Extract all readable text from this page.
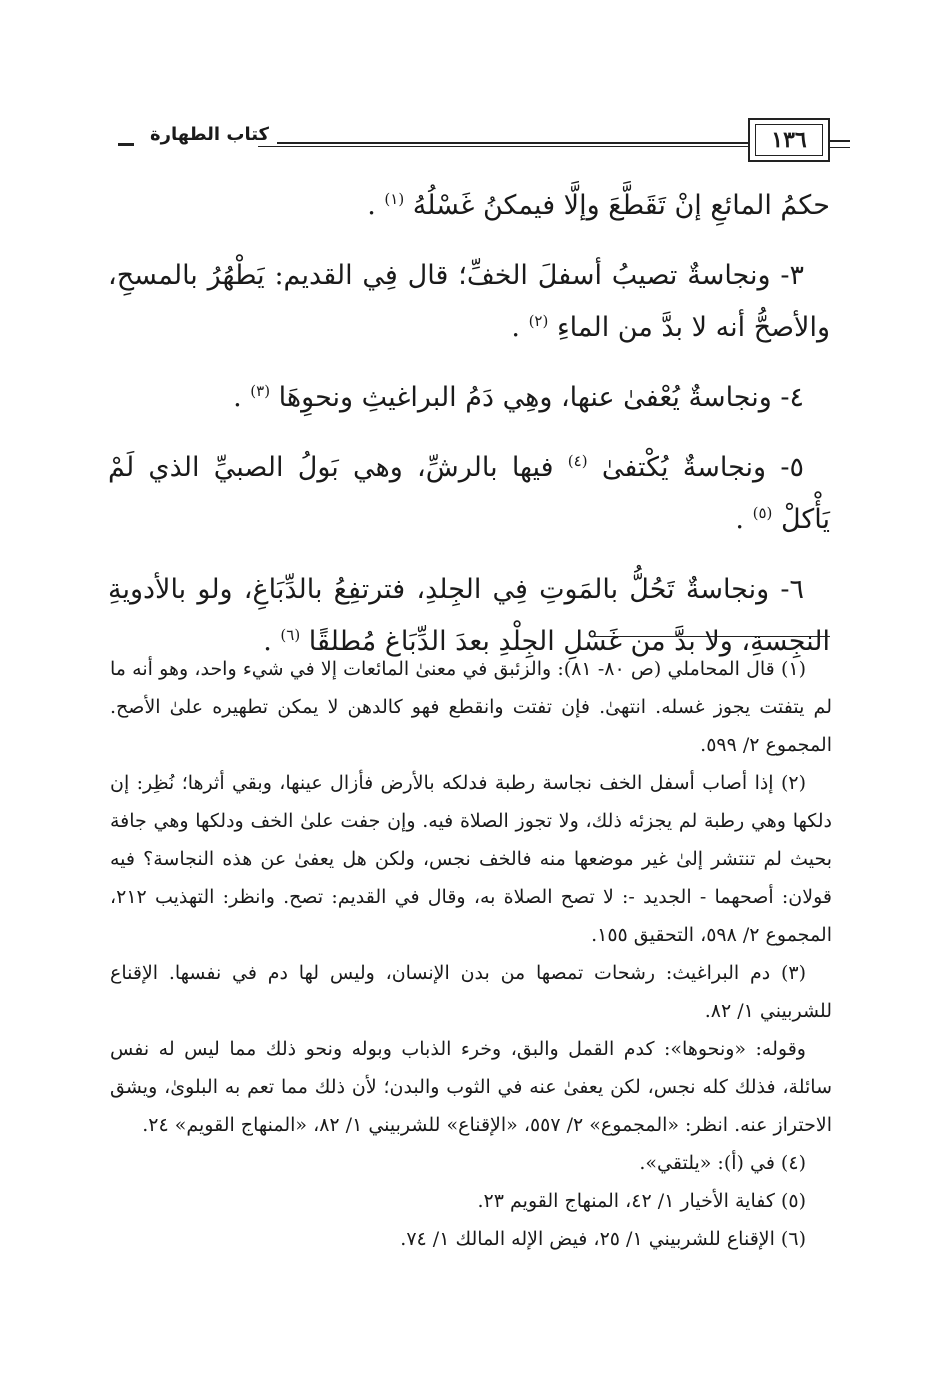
كتاب الطهارة	١٣٦

حكمُ المائعِ إنْ تَقَطَّعَ وإلَّا فيمكنُ غَسْلُهُ $^{(١)}$ .

٣- ونجاسةٌ تصيبُ أسفلَ الخفِّ؛ قال فِي القديم: يَطْهُرُ بالمسحِ، والأصحُّ أنه لا بدَّ من الماءِ $^{(٢)}$ .

٤- ونجاسةٌ يُعْفىٰ عنها، وهِي دَمُ البراغيثِ ونحوِهَا $^{(٣)}$ .

٥- ونجاسةٌ يُكْتفىٰ $^{(٤)}$ فيها بالرشِّ، وهي بَولُ الصبيِّ الذي لَمْ يَأْكلْ $^{(٥)}$ .

٦- ونجاسةٌ تَحُلُّ بالمَوتِ فِي الجِلدِ، فترتفِعُ بالدِّبَاغِ، ولو بالأدويةِ النجِسةِ، ولا بدَّ من غَسْلِ الجِلْدِ بعدَ الدِّبَاغ مُطلقًا $^{(٦)}$ .

(١) قال المحاملي (ص ٨٠- ٨١): والزئبق في معنىٰ المائعات إلا في شيء واحد، وهو أنه ما لم يتفتت يجوز غسله. انتهىٰ. فإن تفتت وانقطع فهو كالدهن لا يمكن تطهيره علىٰ الأصح. المجموع ٢/ ٥٩٩.

(٢) إذا أصاب أسفل الخف نجاسة رطبة فدلكه بالأرض فأزال عينها، وبقي أثرها؛ نُظِر: إن دلكها وهي رطبة لم يجزئه ذلك، ولا تجوز الصلاة فيه. وإن جفت علىٰ الخف ودلكها وهي جافة بحيث لم تنتشر إلىٰ غير موضعها منه فالخف نجس، ولكن هل يعفىٰ عن هذه النجاسة؟ فيه قولان: أصحهما - الجديد -: لا تصح الصلاة به، وقال في القديم: تصح. وانظر: التهذيب ٢١٢، المجموع ٢/ ٥٩٨، التحقيق ١٥٥.

(٣) دم البراغيث: رشحات تمصها من بدن الإنسان، وليس لها دم في نفسها. الإقناع للشربيني ١/ ٨٢.

وقوله: «ونحوها»: كدم القمل والبق، وخرء الذباب وبوله ونحو ذلك مما ليس له نفس سائلة، فذلك كله نجس، لكن يعفىٰ عنه في الثوب والبدن؛ لأن ذلك مما تعم به البلوىٰ، ويشق الاحتراز عنه. انظر: «المجموع» ٢/ ٥٥٧، «الإقناع» للشربيني ١/ ٨٢، «المنهاج القويم» ٢٤.

(٤) في (أ): «يلتقي».

(٥) كفاية الأخيار ١/ ٤٢، المنهاج القويم ٢٣.

(٦) الإقناع للشربيني ١/ ٢٥، فيض الإله المالك ١/ ٧٤.
